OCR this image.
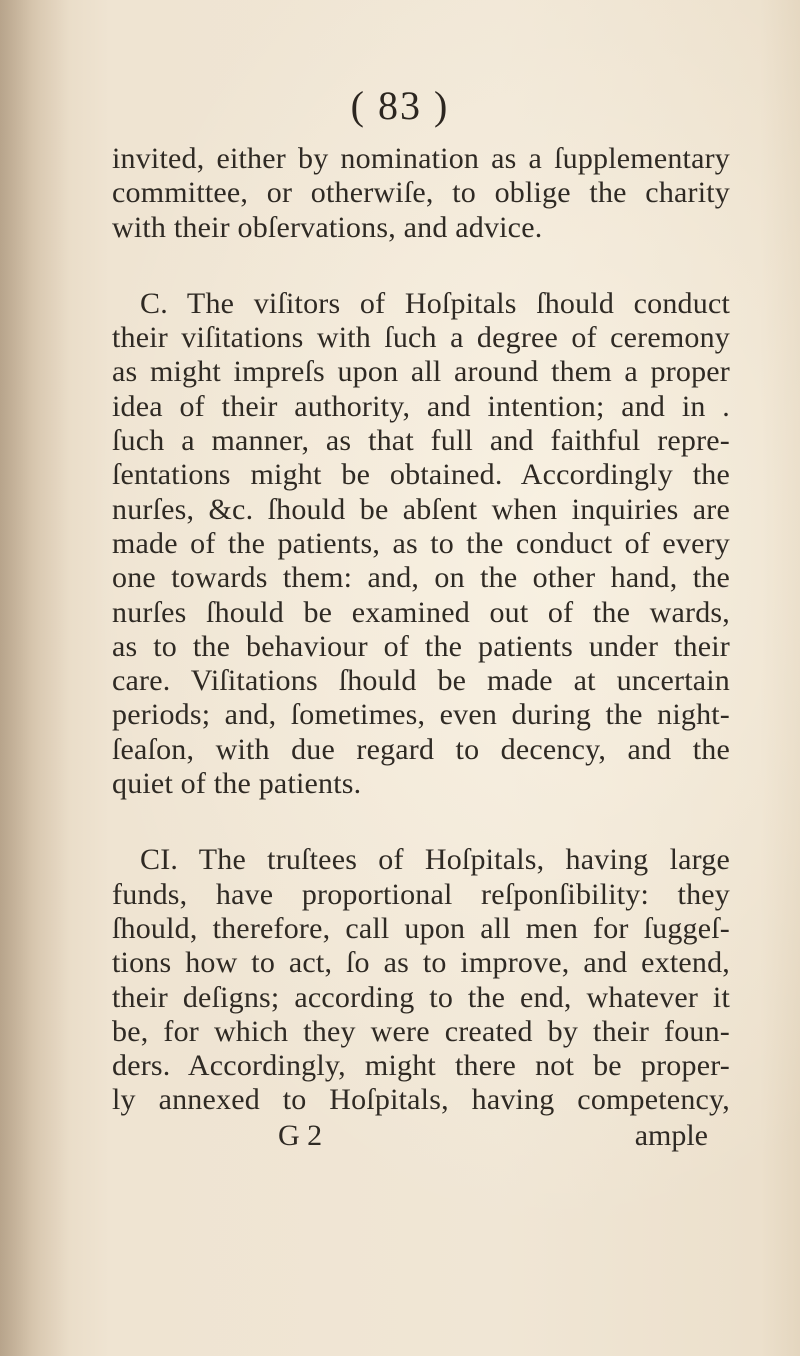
( 83 )
invited, either by nomination as a ſupplementary
committee, or otherwiſe, to oblige the charity
with their obſervations, and advice.
C. The viſitors of Hoſpitals ſhould conduct
their viſitations with ſuch a degree of ceremony
as might impreſs upon all around them a proper
idea of their authority, and intention; and in .
ſuch a manner, as that full and faithful repre-
ſentations might be obtained. Accordingly the
nurſes, &c. ſhould be abſent when inquiries are
made of the patients, as to the conduct of every
one towards them: and, on the other hand, the
nurſes ſhould be examined out of the wards,
as to the behaviour of the patients under their
care. Viſitations ſhould be made at uncertain
periods; and, ſometimes, even during the night-
ſeaſon, with due regard to decency, and the
quiet of the patients.
CI. The truſtees of Hoſpitals, having large
funds, have proportional reſponſibility: they
ſhould, therefore, call upon all men for ſuggeſ-
tions how to act, ſo as to improve, and extend,
their deſigns; according to the end, whatever it
be, for which they were created by their foun-
ders. Accordingly, might there not be proper-
ly annexed to Hoſpitals, having competency,
G 2	ample
